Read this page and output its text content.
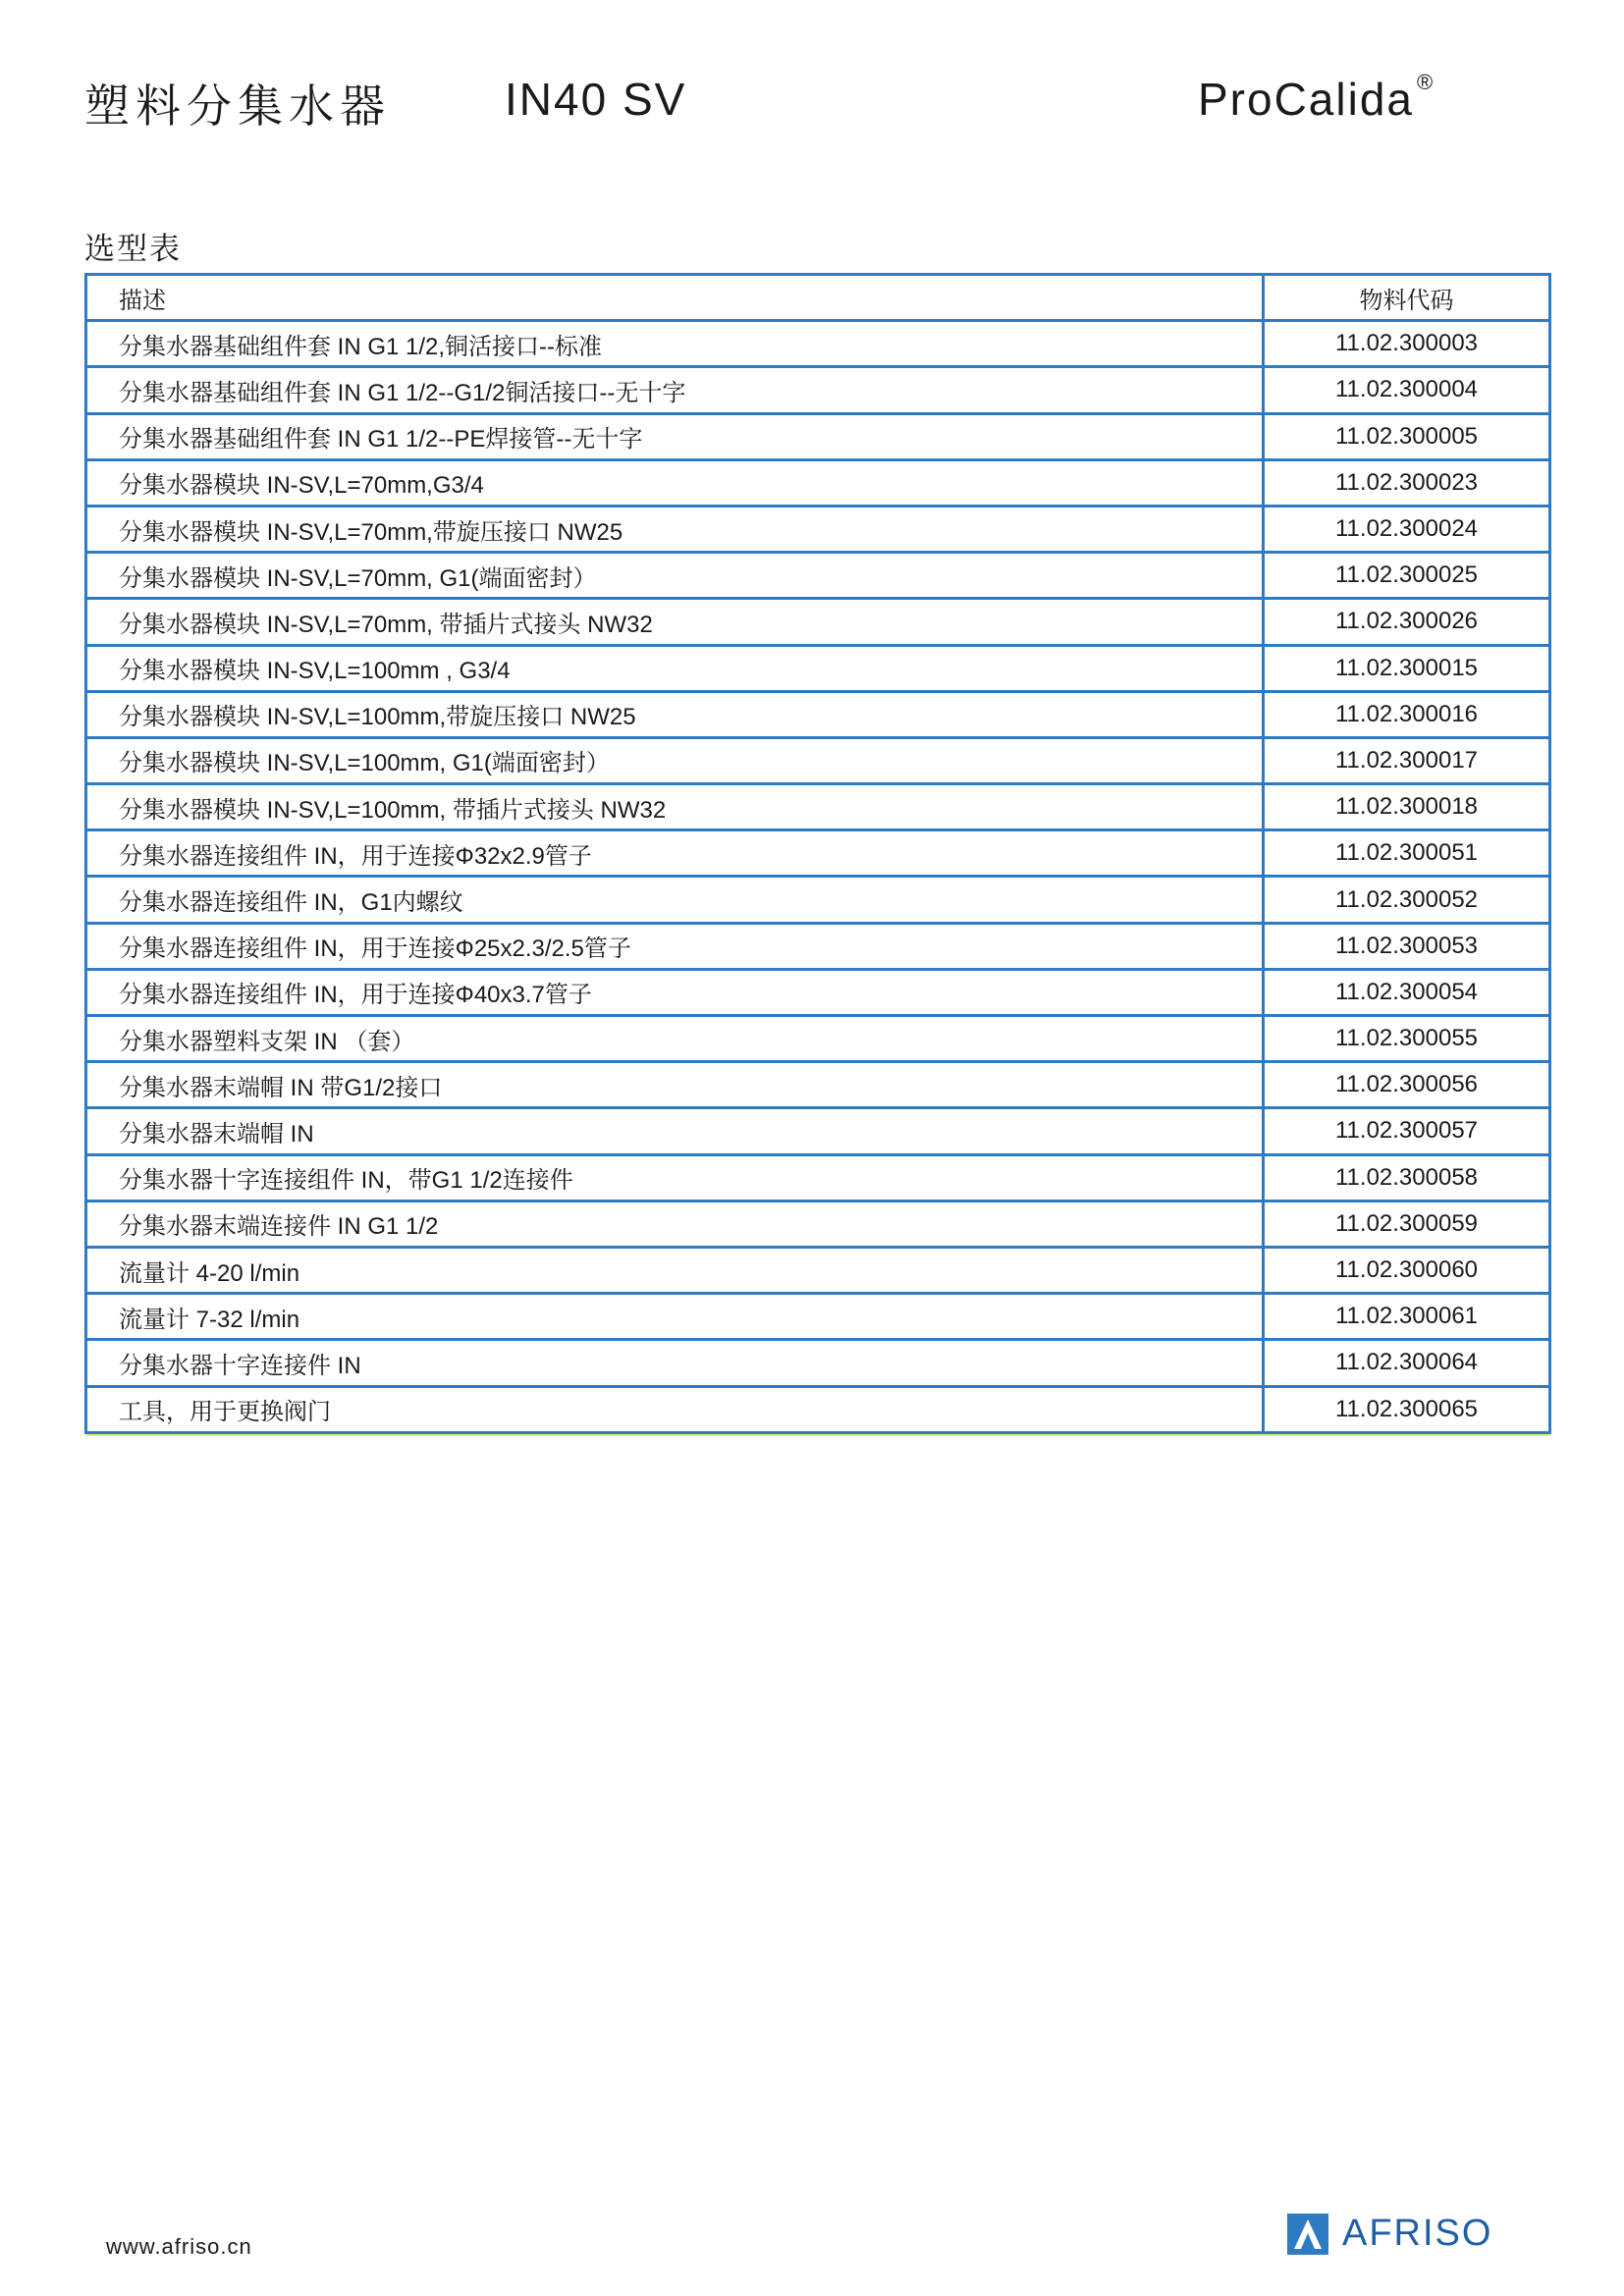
塑料分集水器	IN40 SV	ProCalida ®
选型表
描述	物料代码
分集水器基础组件套 IN G1 1/2,铜活接口--标准	11.02.300003
分集水器基础组件套 IN G1 1/2--G1/2铜活接口--无十字	11.02.300004
分集水器基础组件套 IN G1 1/2--PE焊接管--无十字	11.02.300005
分集水器模块 IN-SV,L=70mm,G3/4	11.02.300023
分集水器模块 IN-SV,L=70mm,带旋压接口 NW25	11.02.300024
分集水器模块 IN-SV,L=70mm, G1(端面密封）	11.02.300025
分集水器模块 IN-SV,L=70mm, 带插片式接头 NW32	11.02.300026
分集水器模块 IN-SV,L=100mm , G3/4	11.02.300015
分集水器模块 IN-SV,L=100mm,带旋压接口 NW25	11.02.300016
分集水器模块 IN-SV,L=100mm, G1(端面密封）	11.02.300017
分集水器模块 IN-SV,L=100mm, 带插片式接头 NW32	11.02.300018
分集水器连接组件 IN，用于连接Φ32x2.9管子	11.02.300051
分集水器连接组件 IN，G1内螺纹	11.02.300052
分集水器连接组件 IN，用于连接Φ25x2.3/2.5管子	11.02.300053
分集水器连接组件 IN，用于连接Φ40x3.7管子	11.02.300054
分集水器塑料支架 IN （套）	11.02.300055
分集水器末端帽 IN 带G1/2接口	11.02.300056
分集水器末端帽 IN	11.02.300057
分集水器十字连接组件 IN，带G1 1/2连接件	11.02.300058
分集水器末端连接件 IN G1 1/2	11.02.300059
流量计 4-20 l/min	11.02.300060
流量计 7-32 l/min	11.02.300061
分集水器十字连接件 IN	11.02.300064
工具，用于更换阀门	11.02.300065
www.afriso.cn	AFRISO
